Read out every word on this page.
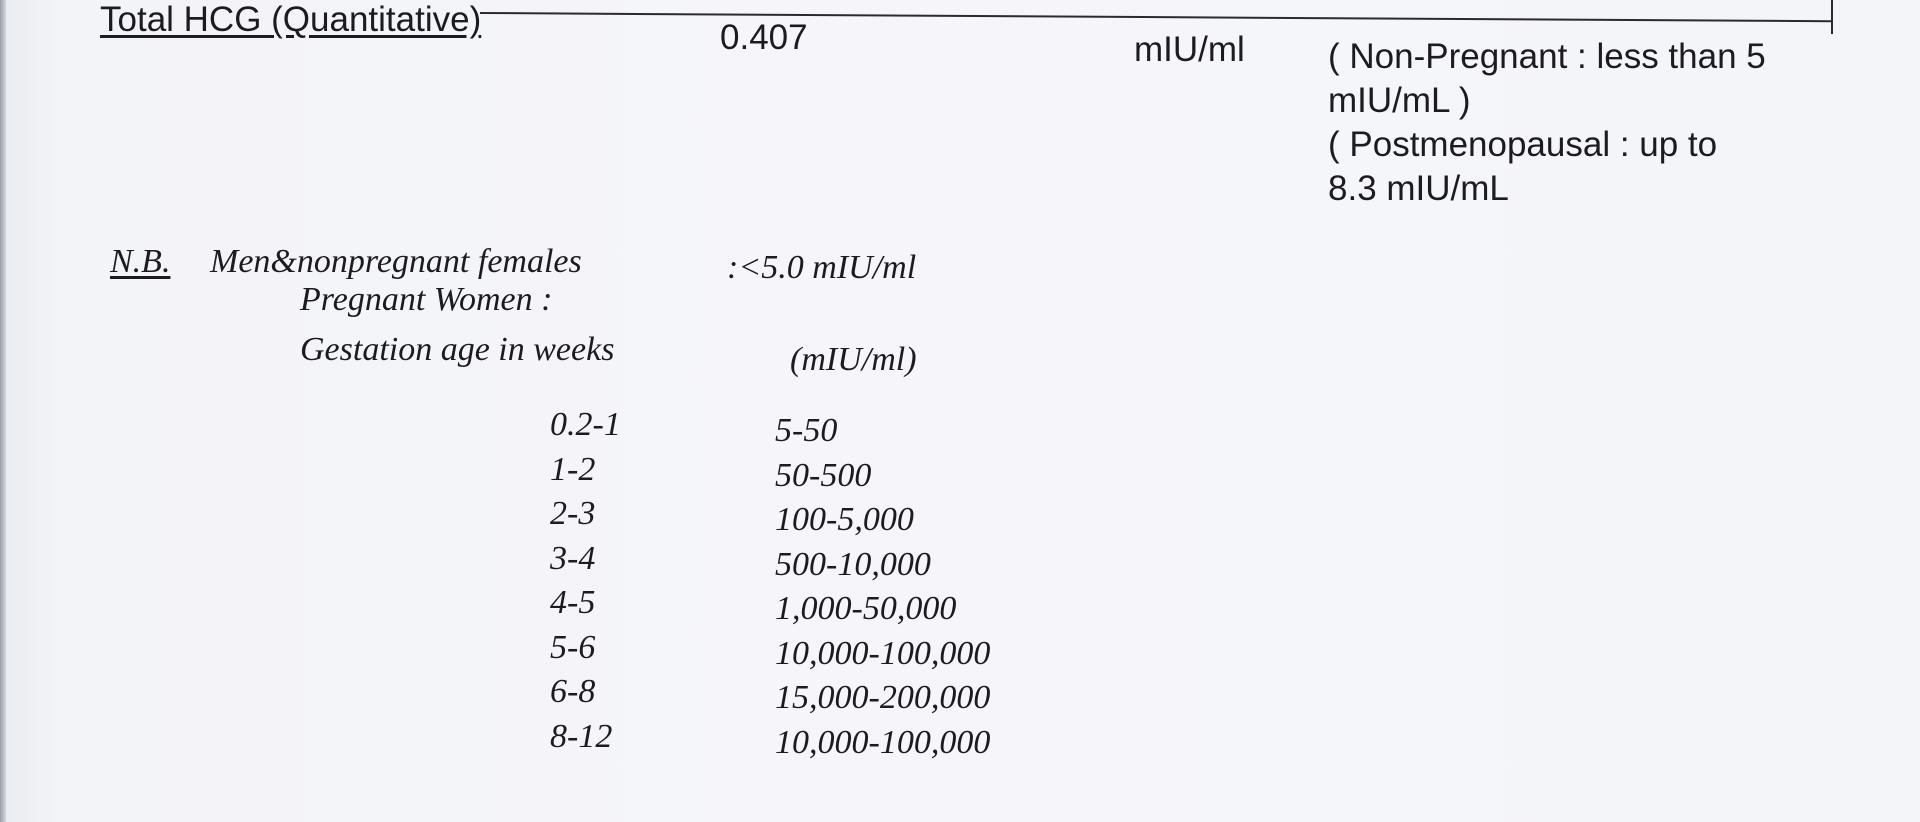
Total HCG (Quantitative)	0.407	mIU/ml ( Non-Pregnant : less than 5
mIU/mL )
( Postmenopausal : up to
8.3 mIU/mL
N.B. Men&nonpregnant females	:<5.0 mIU/ml
Pregnant Women :
Gestation age in weeks	(mIU/ml)
0.2-1	5-50
1-2	50-500
2-3	100-5,000
3-4	500-10,000
4-5	1,000-50,000
5-6	10,000-100,000
6-8	15,000-200,000
8-12	10,000-100,000
